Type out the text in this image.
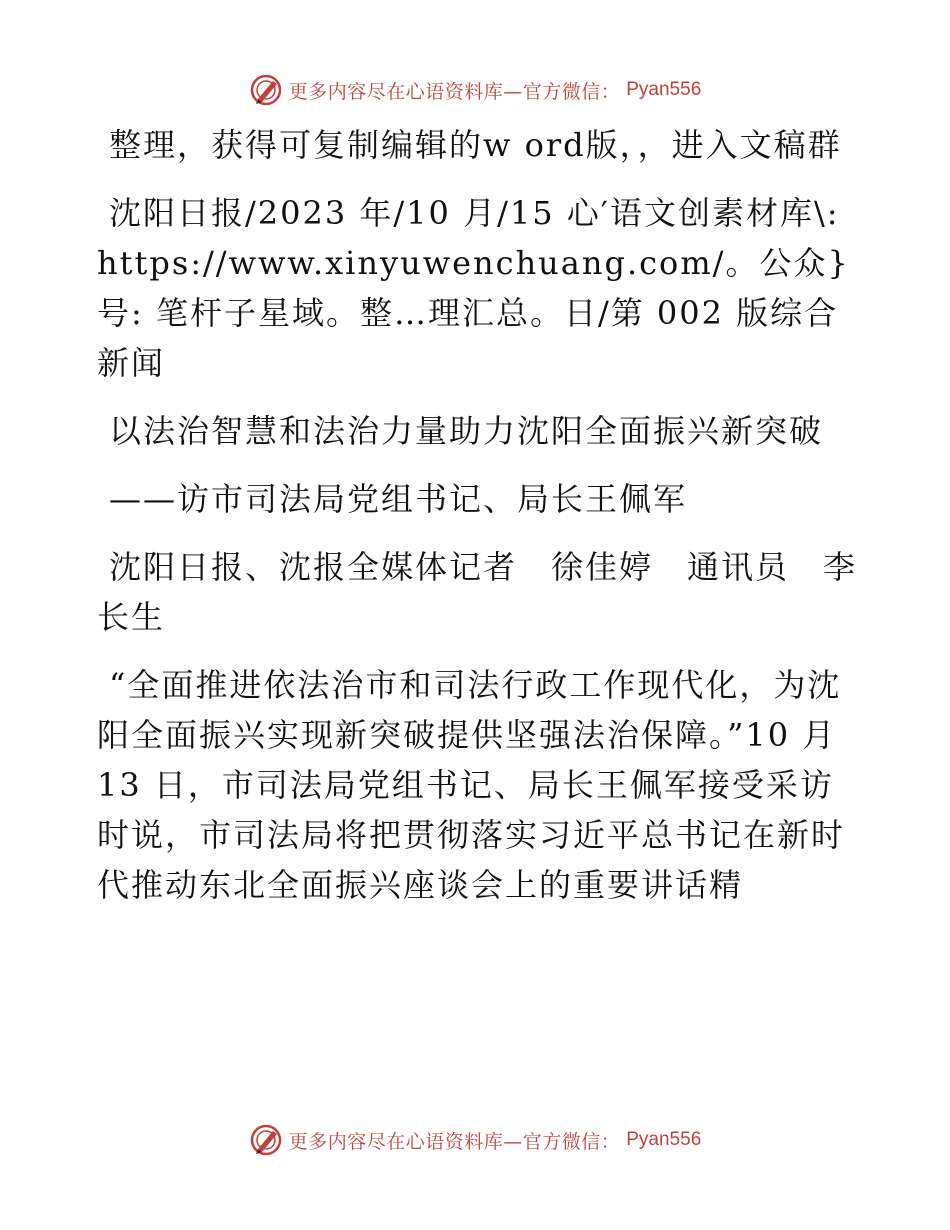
更多内容尽在心语资料库—官方微信： Pyan556

整理，获得可复制编辑的w ord版，，进入文稿群

沈阳日报/2023 年/10 月/15 心′语文创素材库\: https://www.xinyuwenchuang.com/。公众}号: 笔杆子星域。整…理汇总。日/第 002 版综合新闻

以法治智慧和法治力量助力沈阳全面振兴新突破

——访市司法局党组书记、局长王佩军

沈阳日报、沈报全媒体记者　徐佳婷　通讯员　李长生

“全面推进依法治市和司法行政工作现代化，为沈阳全面振兴实现新突破提供坚强法治保障。”10 月 13 日，市司法局党组书记、局长王佩军接受采访时说，市司法局将把贯彻落实习近平总书记在新时代推动东北全面振兴座谈会上的重要讲话精

更多内容尽在心语资料库—官方微信： Pyan556
